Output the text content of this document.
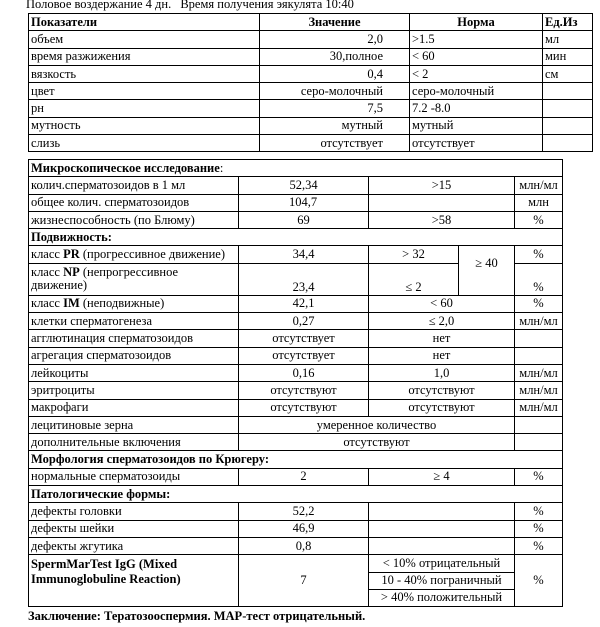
Половое воздержание 4 дн. Время получения эякулята 10:40
Показатели	Значение	Норма	Ед.Из
объем	2,0	>1.5	мл
время разжижения	30,полное	< 60	мин
вязкость	0,4	< 2	см
цвет	серо-молочный	серо-молочный	
рн	7,5	7.2 -8.0	
мутность	мутный	мутный	
слизь	отсутствует	отсутствует	
Микроскопическое исследование:				
колич.сперматозоидов в 1 мл	52,34	>15		млн/мл
общее колич. сперматозоидов	104,7			млн
жизнеспособность (по Блюму)	69	>58		%
Подвижность:				
класс PR (прогрессивное движение)	34,4	> 32	≥ 40	%
класс NP (непрогрессивное движение)	23,4	≤ 2		%
класс IM (неподвижные)	42,1	< 60		%
клетки сперматогенеза	0,27	≤ 2,0		млн/мл
агглютинация сперматозоидов	отсутствует	нет		
агрегация сперматозоидов	отсутствует	нет		
лейкоциты	0,16	1,0		млн/мл
эритроциты	отсутствуют	отсутствуют		млн/мл
макрофаги	отсутствуют	отсутствуют		млн/мл
лецитиновые зерна	умеренное количество			
дополнительные включения	отсутствуют			
Морфология сперматозоидов по Крюгеру:				
нормальные сперматозоиды	2	≥ 4		%
Патологические формы:				
дефекты головки	52,2			%
дефекты шейки	46,9			%
дефекты жгутика	0,8			%

SpermMarTest IgG (Mixed
Immunoglobuline Reaction)	7	< 10% отрицательный		%
		10 - 40% пограничный		
		> 40% положительный		
Заключение: Тератозооспермия. MAP-тест отрицательный.
